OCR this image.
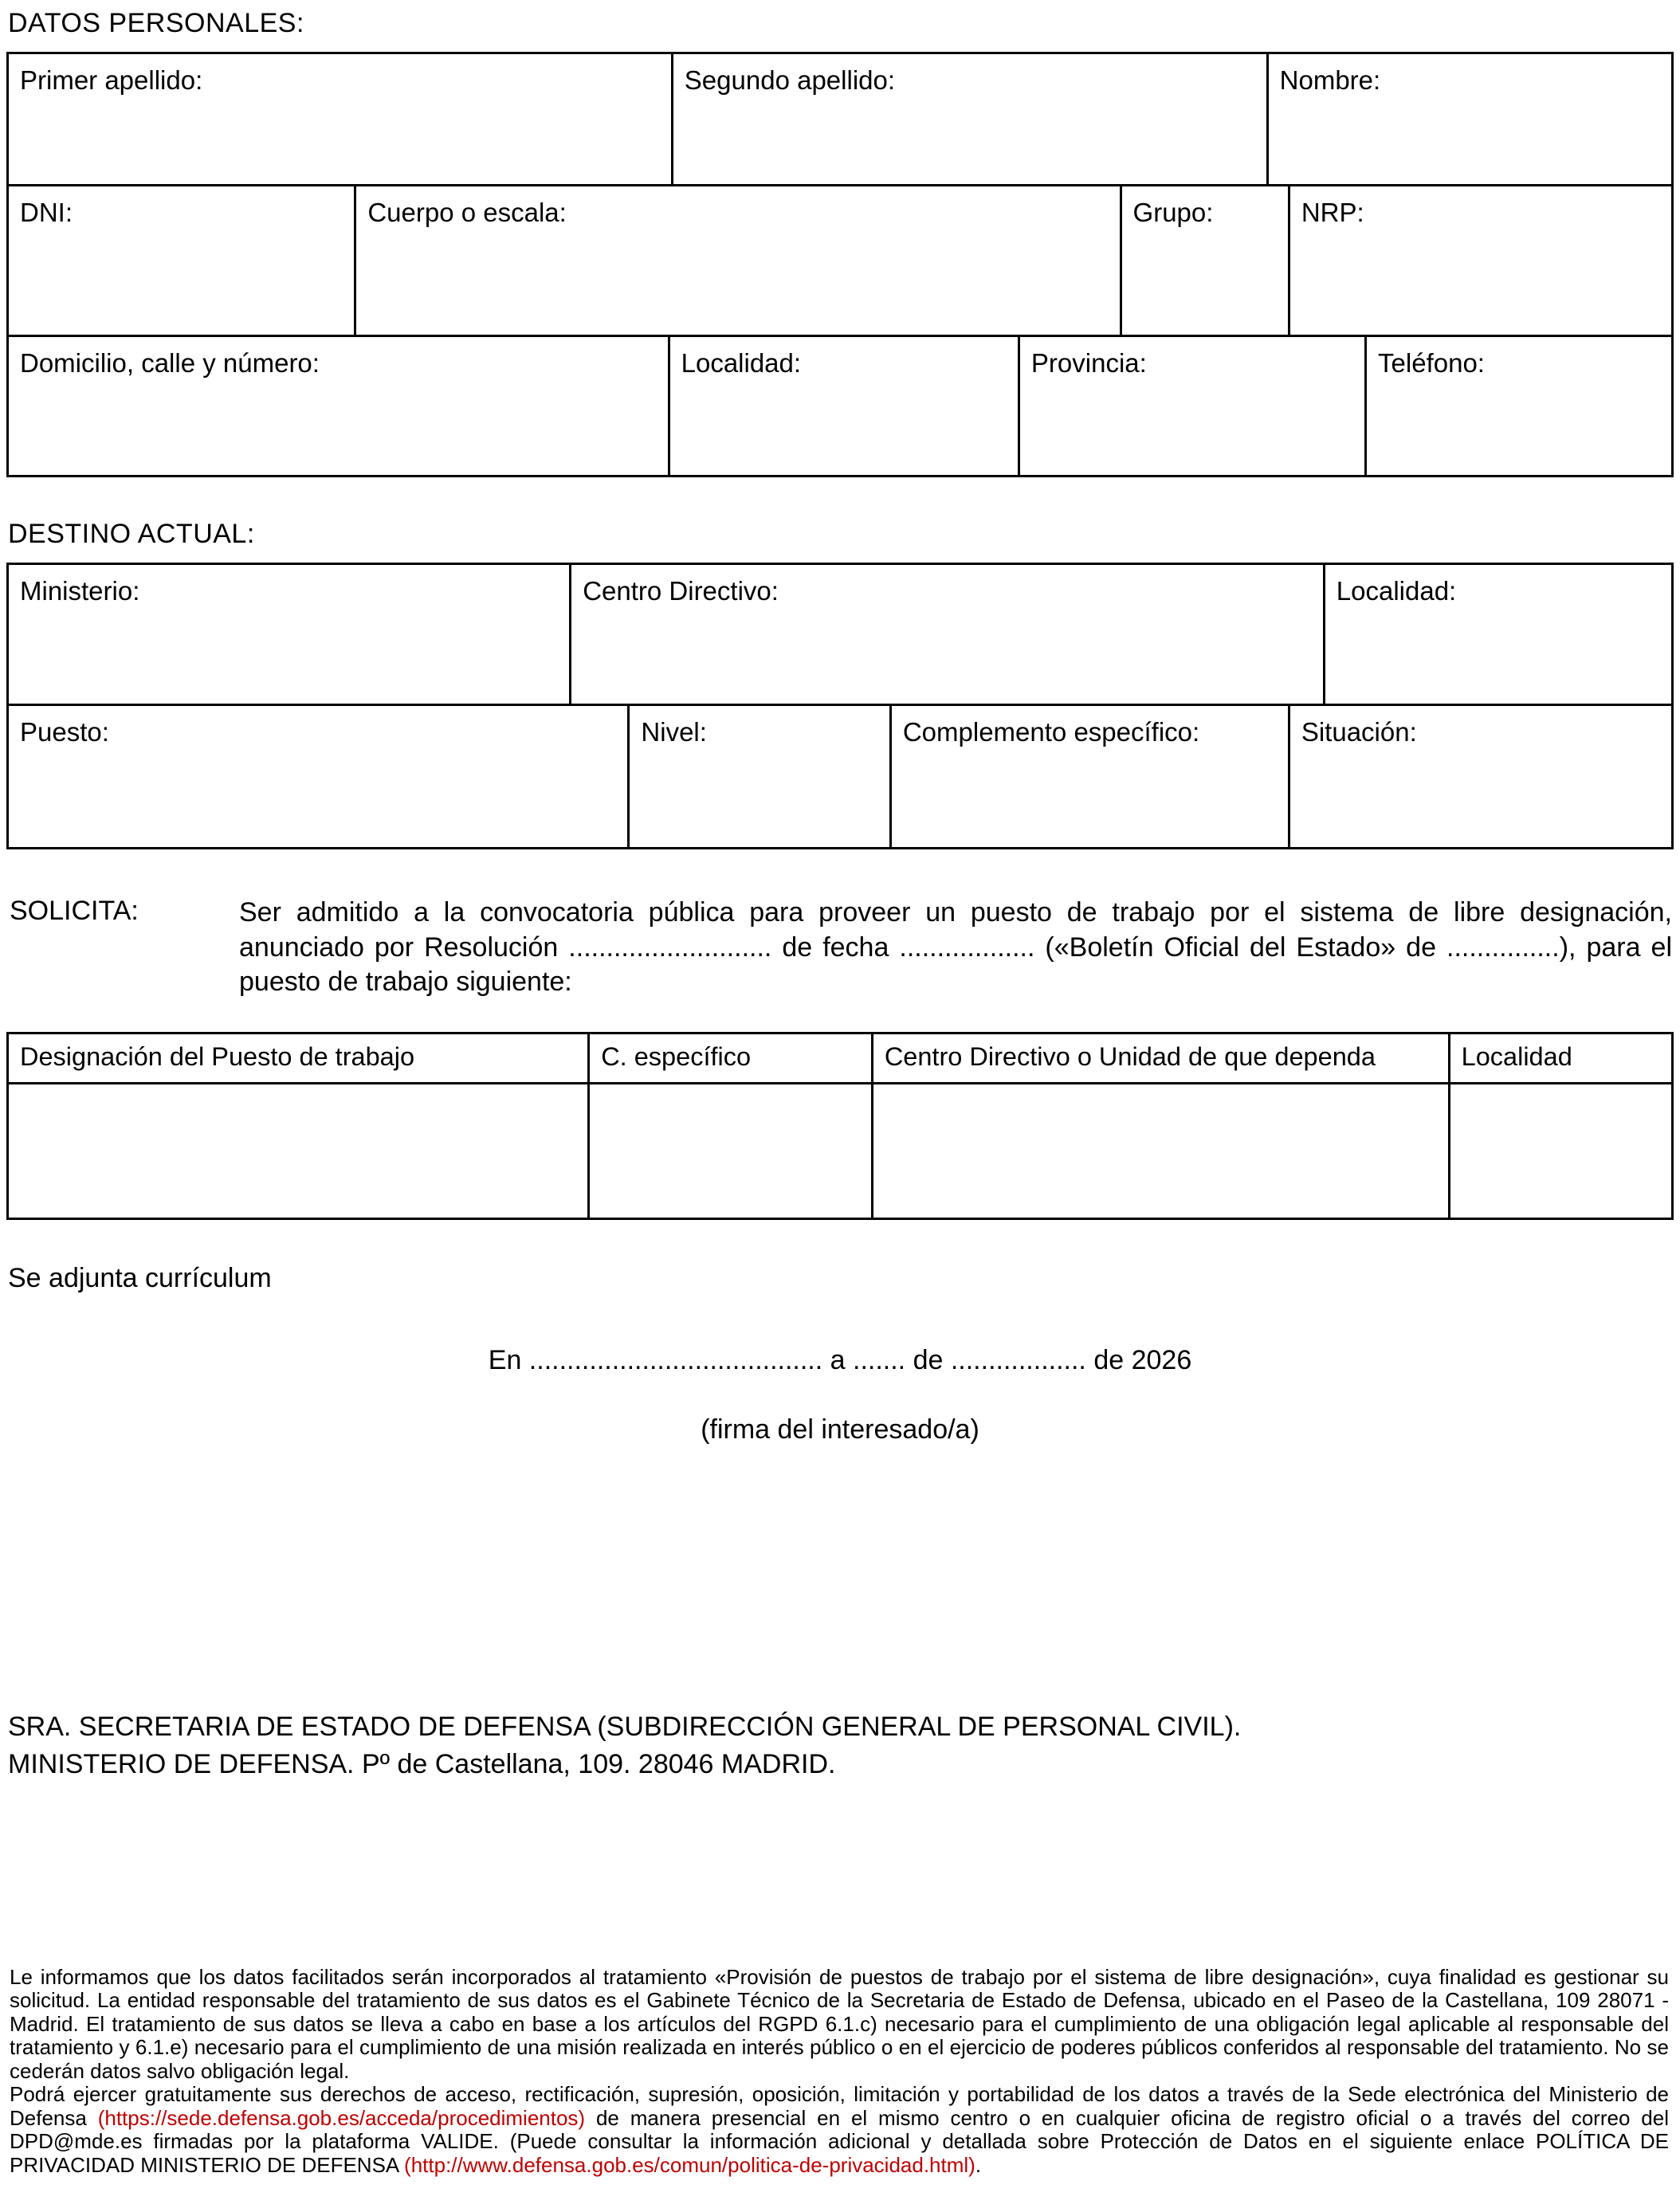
DATOS PERSONALES:
Primer apellido:	Segundo apellido:	Nombre:
DNI:	Cuerpo o escala:	Grupo:	NRP:
Domicilio, calle y número:	Localidad:	Provincia:	Teléfono:
DESTINO ACTUAL:
Ministerio:	Centro Directivo:	Localidad:
Puesto:	Nivel:	Complemento específico:	Situación:
SOLICITA:	Ser admitido a la convocatoria pública para proveer un puesto de trabajo por el sistema de libre designación, anunciado por Resolución ........................... de fecha .................. («Boletín Oficial del Estado» de ...............), para el puesto de trabajo siguiente:

Designación del Puesto de trabajo	C. específico	Centro Directivo o Unidad de que dependa	Localidad
Se adjunta currículum
En ....................................... a ....... de .................. de 2026
(firma del interesado/a)
SRA. SECRETARIA DE ESTADO DE DEFENSA (SUBDIRECCIÓN GENERAL DE PERSONAL CIVIL).
MINISTERIO DE DEFENSA. Pº de Castellana, 109. 28046 MADRID.

Le informamos que los datos facilitados serán incorporados al tratamiento «Provisión de puestos de trabajo por el sistema de libre designación», cuya finalidad es gestionar su solicitud. La entidad responsable del tratamiento de sus datos es el Gabinete Técnico de la Secretaria de Estado de Defensa, ubicado en el Paseo de la Castellana, 109 28071 - Madrid. El tratamiento de sus datos se lleva a cabo en base a los artículos del RGPD 6.1.c) necesario para el cumplimiento de una obligación legal aplicable al responsable del tratamiento y 6.1.e) necesario para el cumplimiento de una misión realizada en interés público o en el ejercicio de poderes públicos conferidos al responsable del tratamiento. No se cederán datos salvo obligación legal.

Podrá ejercer gratuitamente sus derechos de acceso, rectificación, supresión, oposición, limitación y portabilidad de los datos a través de la Sede electrónica del Ministerio de Defensa (https://sede.defensa.gob.es/acceda/procedimientos) de manera presencial en el mismo centro o en cualquier oficina de registro oficial o a través del correo del DPD@mde.es firmadas por la plataforma VALIDE. (Puede consultar la información adicional y detallada sobre Protección de Datos en el siguiente enlace POLÍTICA DE PRIVACIDAD MINISTERIO DE DEFENSA (http://www.defensa.gob.es/comun/politica-de-privacidad.html).
